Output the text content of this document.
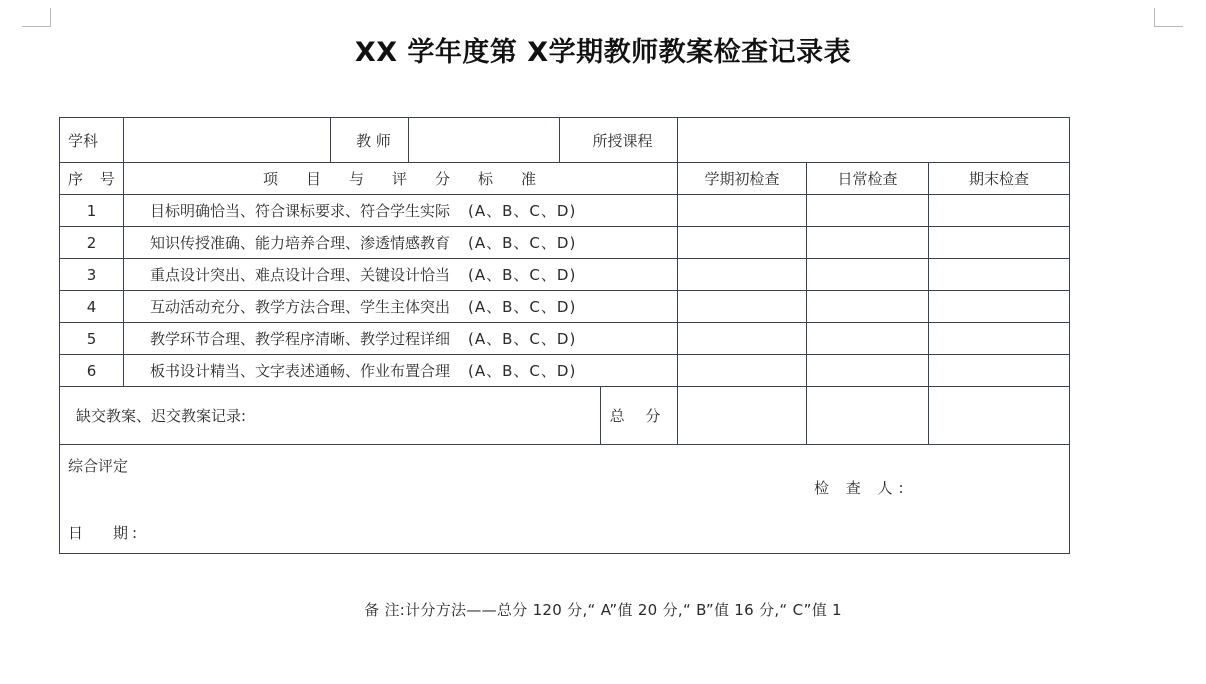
XX 学年度第 X学期教师教案检查记录表
学科		教 师		所授课程				
序 号	项目与评分标准					学期初检查	日常检查	期末检查
1	目标明确恰当、符合课标要求、符合学生实际 (A、B、C、D)							
2	知识传授准确、能力培养合理、渗透情感教育 (A、B、C、D)							
3	重点设计突出、难点设计合理、关键设计恰当 (A、B、C、D)							
4	互动活动充分、教学方法合理、学生主体突出 (A、B、C、D)							
5	教学环节合理、教学程序清晰、教学过程详细 (A、B、C、D)							
6	板书设计精当、文字表述通畅、作业布置合理 (A、B、C、D)							
缺交教案、迟交教案记录:					总 分			

综合评定
检 查 人:
日 期:								
备 注:计分方法——总分 120 分,“ A”值 20 分,“ B”值 16 分,“ C”值 1
